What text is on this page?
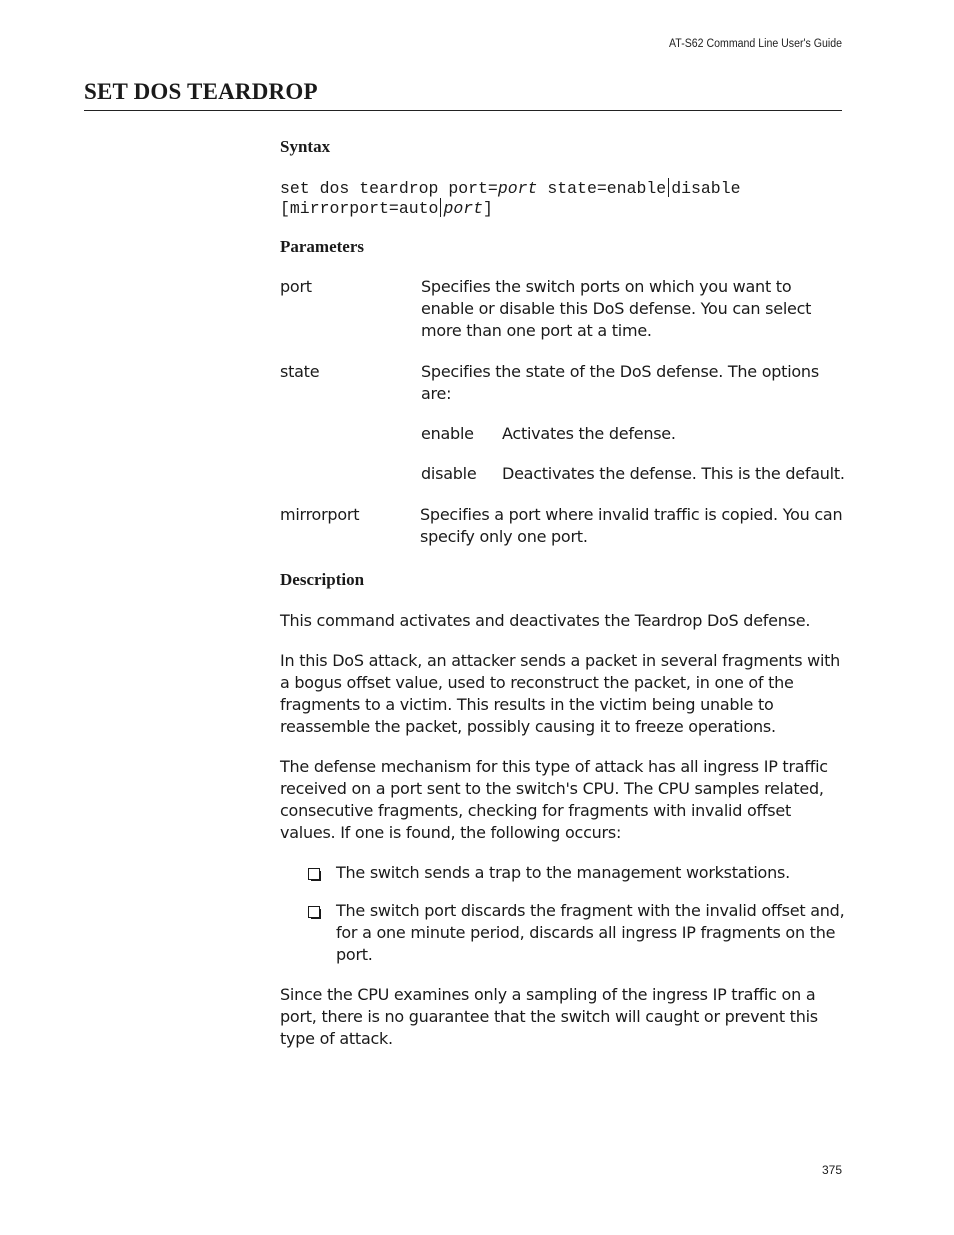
AT-S62 Command Line User's Guide
SET DOS TEARDROP
Syntax
set dos teardrop port=port state=enable disable
[mirrorport=auto port]
Parameters
port	Specifies the switch ports on which you want to enable or disable this DoS defense. You can select more than one port at a time.
state	Specifies the state of the DoS defense. The options are:
enable Activates the defense.
disable Deactivates the defense. This is the default.
mirrorport	Specifies a port where invalid traffic is copied. You can specify only one port.
Description
This command activates and deactivates the Teardrop DoS defense.
In this DoS attack, an attacker sends a packet in several fragments with a bogus offset value, used to reconstruct the packet, in one of the fragments to a victim. This results in the victim being unable to reassemble the packet, possibly causing it to freeze operations.
The defense mechanism for this type of attack has all ingress IP traffic received on a port sent to the switch's CPU. The CPU samples related, consecutive fragments, checking for fragments with invalid offset values. If one is found, the following occurs:
The switch sends a trap to the management workstations.
The switch port discards the fragment with the invalid offset and, for a one minute period, discards all ingress IP fragments on the port.
Since the CPU examines only a sampling of the ingress IP traffic on a port, there is no guarantee that the switch will caught or prevent this type of attack.
375
